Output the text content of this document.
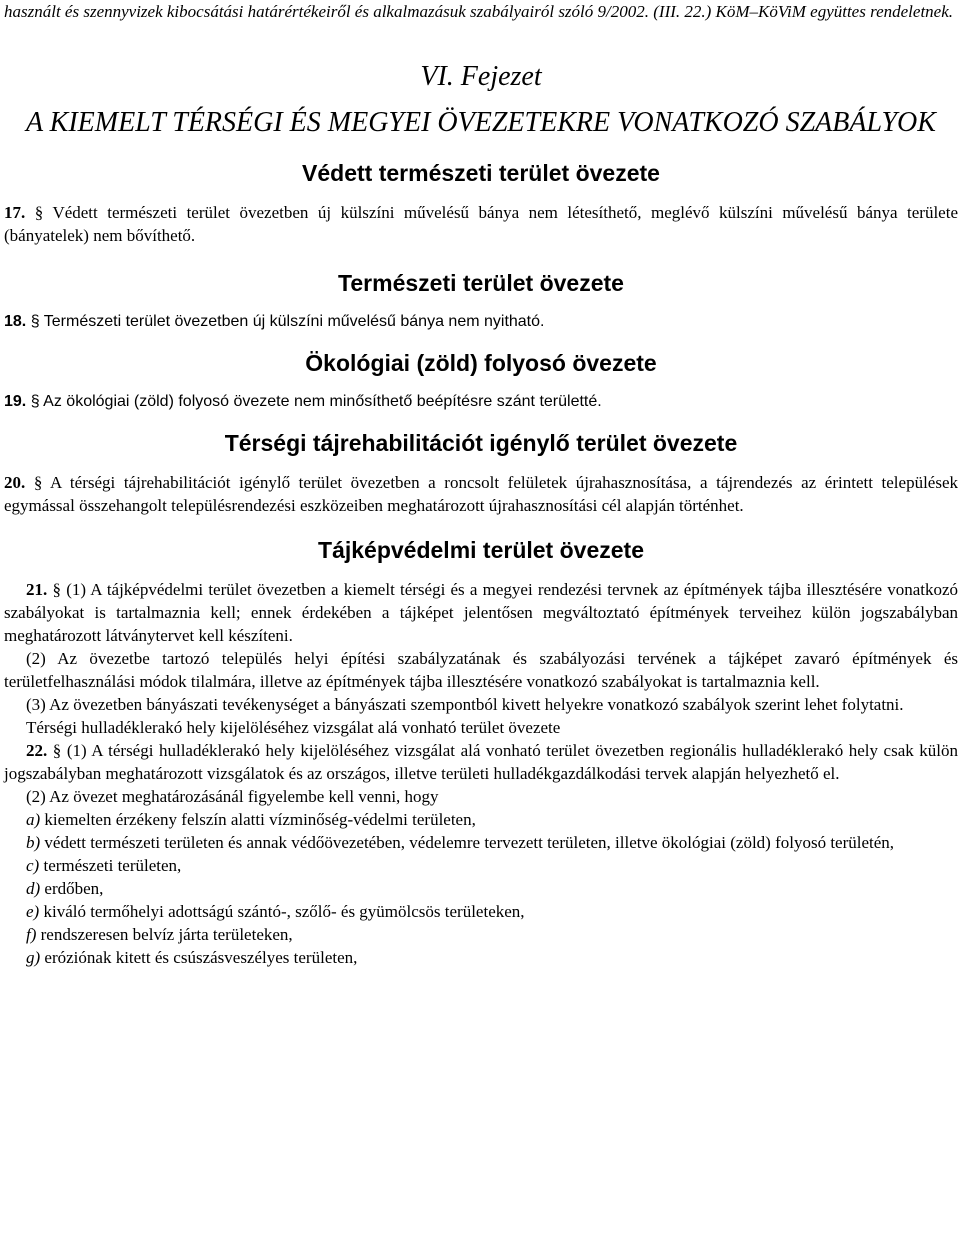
használt és szennyvizek kibocsátási határértékeiről és alkalmazásuk szabályairól szóló 9/2002. (III. 22.) KöM–KöViM együttes rendeletnek.

VI. Fejezet
A KIEMELT TÉRSÉGI ÉS MEGYEI ÖVEZETEKRE VONATKOZÓ SZABÁLYOK
Védett természeti terület övezete

17. § Védett természeti terület övezetben új külszíni művelésű bánya nem létesíthető, meglévő külszíni művelésű bánya területe (bányatelek) nem bővíthető.

Természeti terület övezete

18. § Természeti terület övezetben új külszíni művelésű bánya nem nyitható.

Ökológiai (zöld) folyosó övezete

19. § Az ökológiai (zöld) folyosó övezete nem minősíthető beépítésre szánt területté.

Térségi tájrehabilitációt igénylő terület övezete

20. § A térségi tájrehabilitációt igénylő terület övezetben a roncsolt felületek újrahasznosítása, a tájrendezés az érintett települések egymással összehangolt településrendezési eszközeiben meghatározott újrahasznosítási cél alapján történhet.

Tájképvédelmi terület övezete

21. § (1) A tájképvédelmi terület övezetben a kiemelt térségi és a megyei rendezési tervnek az építmények tájba illesztésére vonatkozó szabályokat is tartalmaznia kell; ennek érdekében a tájképet jelentősen megváltoztató építmények terveihez külön jogszabályban meghatározott látványtervet kell készíteni.

(2) Az övezetbe tartozó település helyi építési szabályzatának és szabályozási tervének a tájképet zavaró építmények és területfelhasználási módok tilalmára, illetve az építmények tájba illesztésére vonatkozó szabályokat is tartalmaznia kell.

(3) Az övezetben bányászati tevékenységet a bányászati szempontból kivett helyekre vonatkozó szabályok szerint lehet folytatni.

Térségi hulladéklerakó hely kijelöléséhez vizsgálat alá vonható terület övezete

22. § (1) A térségi hulladéklerakó hely kijelöléséhez vizsgálat alá vonható terület övezetben regionális hulladéklerakó hely csak külön jogszabályban meghatározott vizsgálatok és az országos, illetve területi hulladékgazdálkodási tervek alapján helyezhető el.

(2) Az övezet meghatározásánál figyelembe kell venni, hogy

a) kiemelten érzékeny felszín alatti vízminőség-védelmi területen,

b) védett természeti területen és annak védőövezetében, védelemre tervezett területen, illetve ökológiai (zöld) folyosó területén,

c) természeti területen,

d) erdőben,

e) kiváló termőhelyi adottságú szántó-, szőlő- és gyümölcsös területeken,

f) rendszeresen belvíz járta területeken,

g) eróziónak kitett és csúszásveszélyes területen,
